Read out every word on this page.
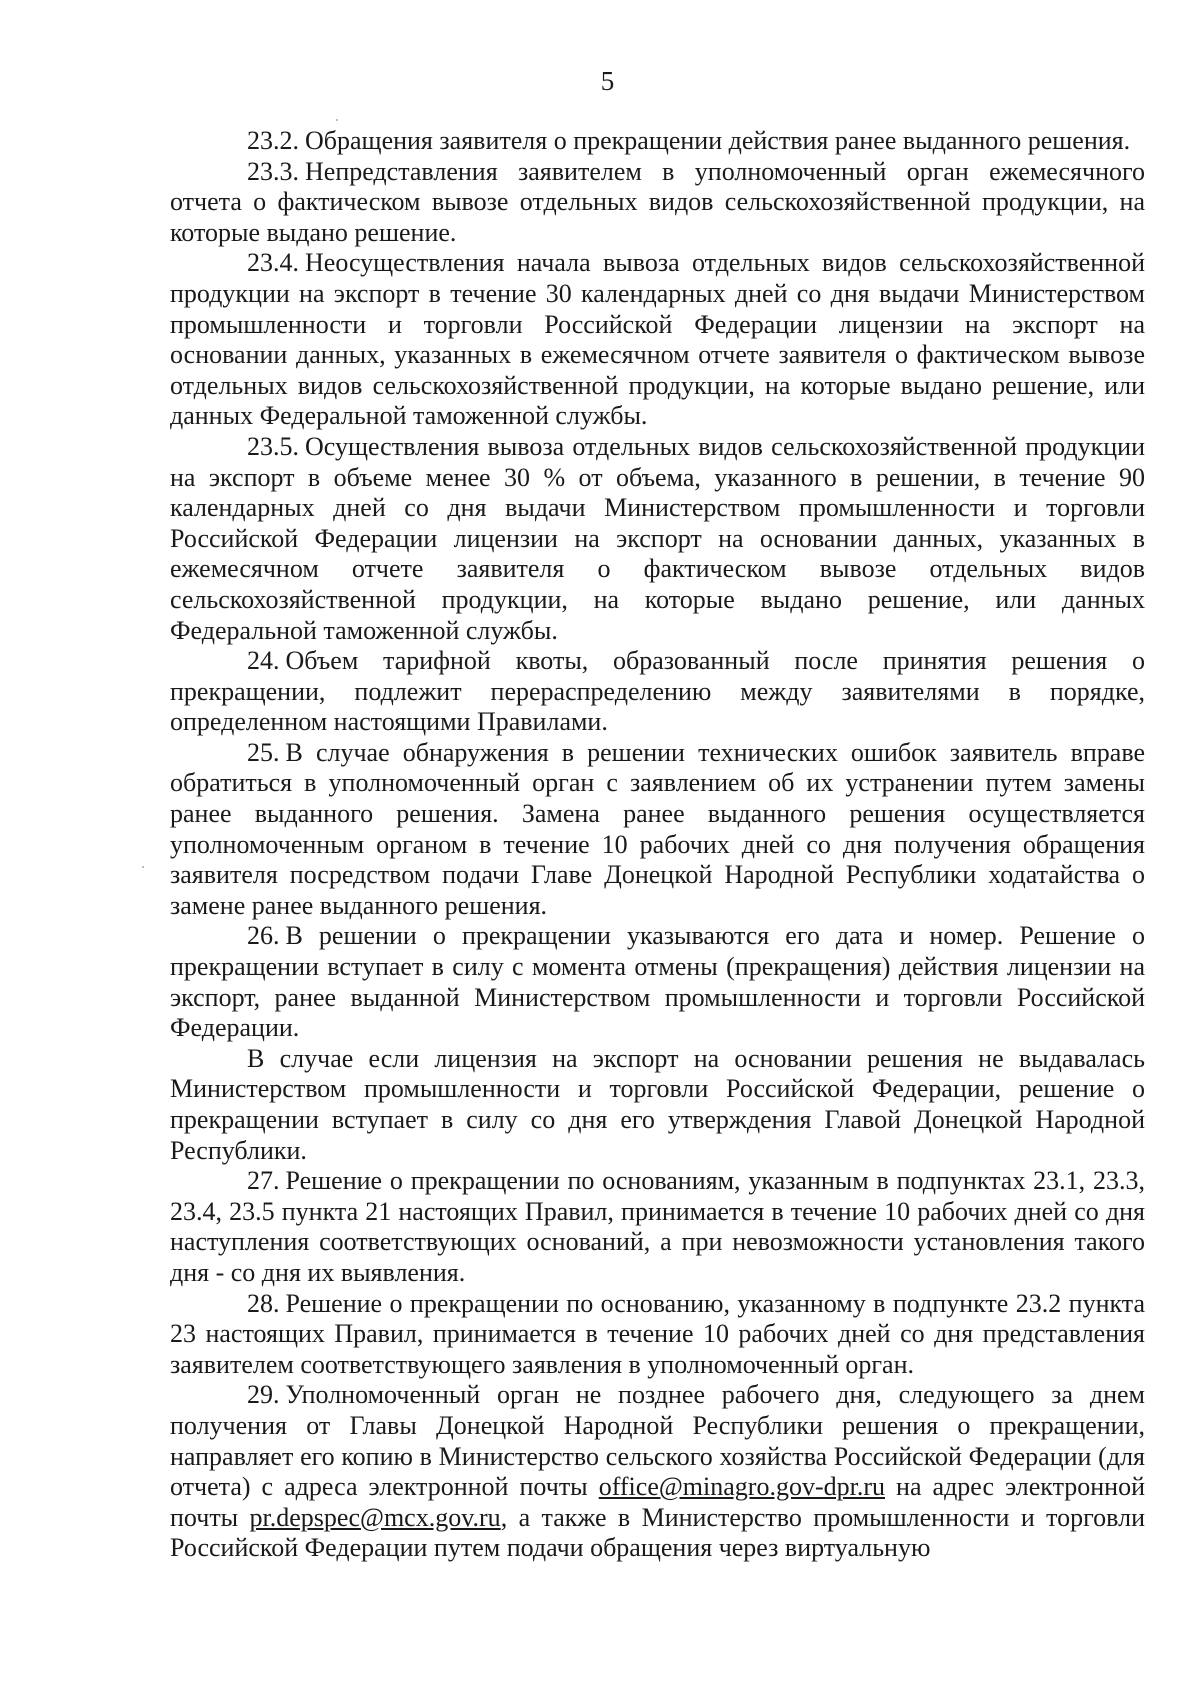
5

23.2. Обращения заявителя о прекращении действия ранее выданного решения.

23.3. Непредставления заявителем в уполномоченный орган ежемесячного отчета о фактическом вывозе отдельных видов сельскохозяйственной продукции, на которые выдано решение.

23.4. Неосуществления начала вывоза отдельных видов сельскохозяйственной продукции на экспорт в течение 30 календарных дней со дня выдачи Министерством промышленности и торговли Российской Федерации лицензии на экспорт на основании данных, указанных в ежемесячном отчете заявителя о фактическом вывозе отдельных видов сельскохозяйственной продукции, на которые выдано решение, или данных Федеральной таможенной службы.

23.5. Осуществления вывоза отдельных видов сельскохозяйственной продукции на экспорт в объеме менее 30 % от объема, указанного в решении, в течение 90 календарных дней со дня выдачи Министерством промышленности и торговли Российской Федерации лицензии на экспорт на основании данных, указанных в ежемесячном отчете заявителя о фактическом вывозе отдельных видов сельскохозяйственной продукции, на которые выдано решение, или данных Федеральной таможенной службы.

24. Объем тарифной квоты, образованный после принятия решения о прекращении, подлежит перераспределению между заявителями в порядке, определенном настоящими Правилами.

25. В случае обнаружения в решении технических ошибок заявитель вправе обратиться в уполномоченный орган с заявлением об их устранении путем замены ранее выданного решения. Замена ранее выданного решения осуществляется уполномоченным органом в течение 10 рабочих дней со дня получения обращения заявителя посредством подачи Главе Донецкой Народной Республики ходатайства о замене ранее выданного решения.

26. В решении о прекращении указываются его дата и номер. Решение о прекращении вступает в силу с момента отмены (прекращения) действия лицензии на экспорт, ранее выданной Министерством промышленности и торговли Российской Федерации.

В случае если лицензия на экспорт на основании решения не выдавалась Министерством промышленности и торговли Российской Федерации, решение о прекращении вступает в силу со дня его утверждения Главой Донецкой Народной Республики.

27. Решение о прекращении по основаниям, указанным в подпунктах 23.1, 23.3, 23.4, 23.5 пункта 21 настоящих Правил, принимается в течение 10 рабочих дней со дня наступления соответствующих оснований, а при невозможности установления такого дня - со дня их выявления.

28. Решение о прекращении по основанию, указанному в подпункте 23.2 пункта 23 настоящих Правил, принимается в течение 10 рабочих дней со дня представления заявителем соответствующего заявления в уполномоченный орган.

29. Уполномоченный орган не позднее рабочего дня, следующего за днем получения от Главы Донецкой Народной Республики решения о прекращении, направляет его копию в Министерство сельского хозяйства Российской Федерации (для отчета) с адреса электронной почты office@minagro.gov-dpr.ru на адрес электронной почты pr.depspec@mcx.gov.ru, а также в Министерство промышленности и торговли Российской Федерации путем подачи обращения через виртуальную
